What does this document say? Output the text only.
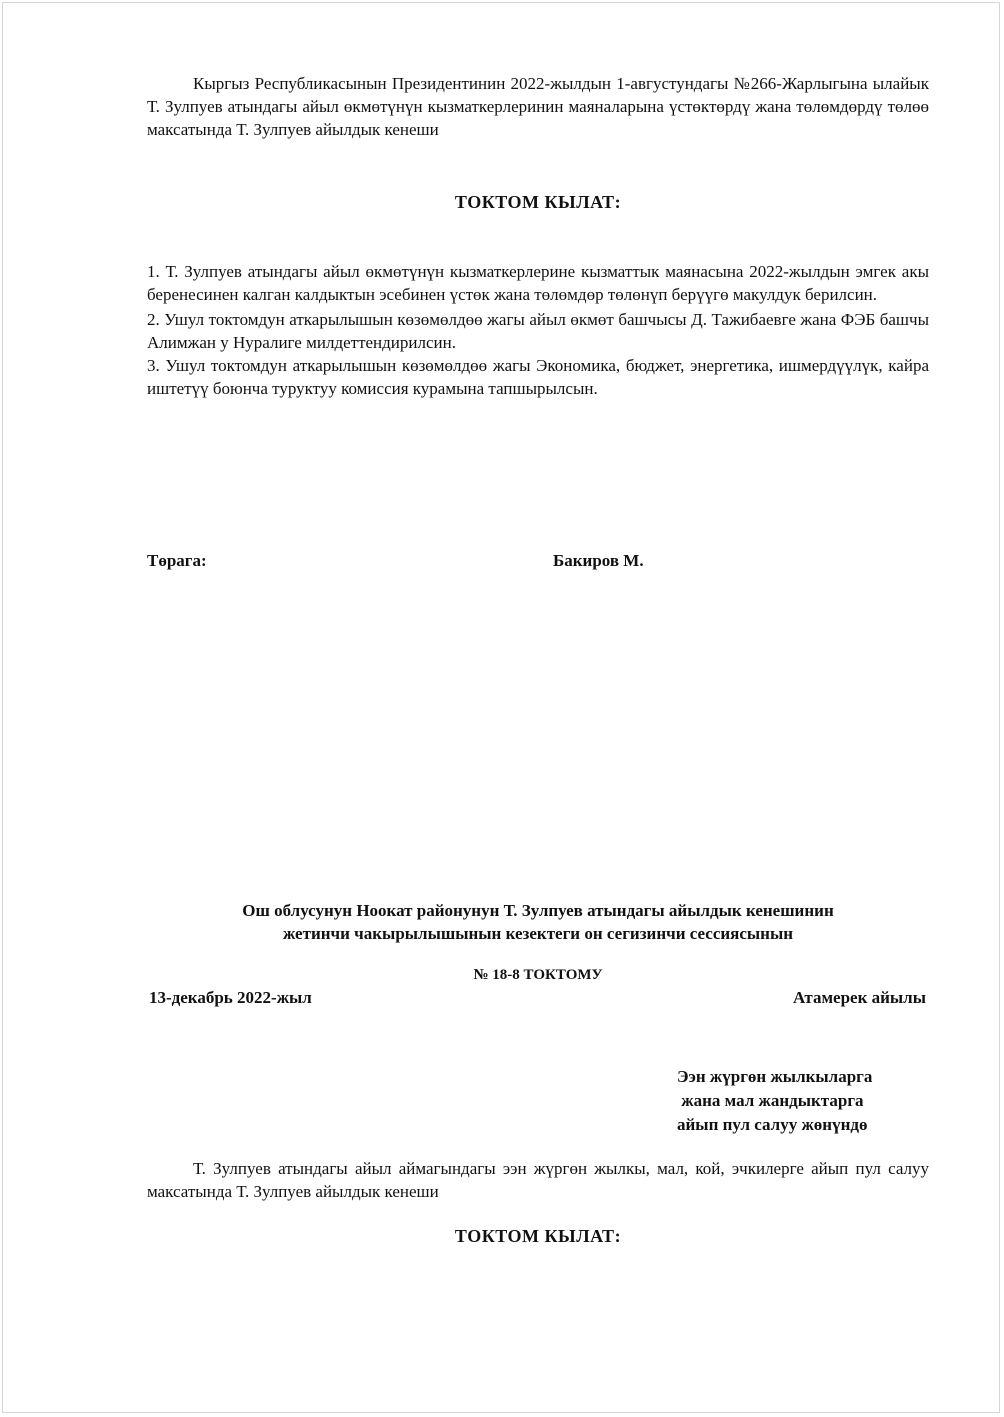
Кыргыз Республикасынын Президентинин 2022-жылдын 1-августундагы №266-Жарлыгына ылайык Т. Зулпуев атындагы айыл өкмөтүнүн кызматкерлеринин маяналарына үстөктөрдү жана төлөмдөрдү төлөө максатында Т. Зулпуев айылдык кенеши

ТОКТОМ КЫЛАТ:

1. Т. Зулпуев атындагы айыл өкмөтүнүн кызматкерлерине кызматтык маянасына 2022-жылдын эмгек акы беренесинен калган калдыктын эсебинен үстөк жана төлөмдөр төлөнүп берүүгө макулдук берилсин.

2. Ушул токтомдун аткарылышын көзөмөлдөө жагы айыл өкмөт башчысы Д. Тажибаевге жана ФЭБ башчы Алимжан у Нуралиге милдеттендирилсин.

3. Ушул токтомдун аткарылышын көзөмөлдөө жагы Экономика, бюджет, энергетика, ишмердүүлүк, кайра иштетүү боюнча туруктуу комиссия курамына тапшырылсын.

Төрага:	Бакиров М.
Ош облусунун Ноокат районунун Т. Зулпуев атындагы айылдык кенешинин
жетинчи чакырылышынын кезектеги он сегизинчи сессиясынын
№ 18-8 ТОКТОМУ
13-декабрь 2022-жыл	Атамерек айылы
Ээн жүргөн жылкыларга
жана мал жандыктарга
айып пул салуу жөнүндө

Т. Зулпуев атындагы айыл аймагындагы ээн жүргөн жылкы, мал, кой, эчкилерге айып пул салуу максатында Т. Зулпуев айылдык кенеши

ТОКТОМ КЫЛАТ:
